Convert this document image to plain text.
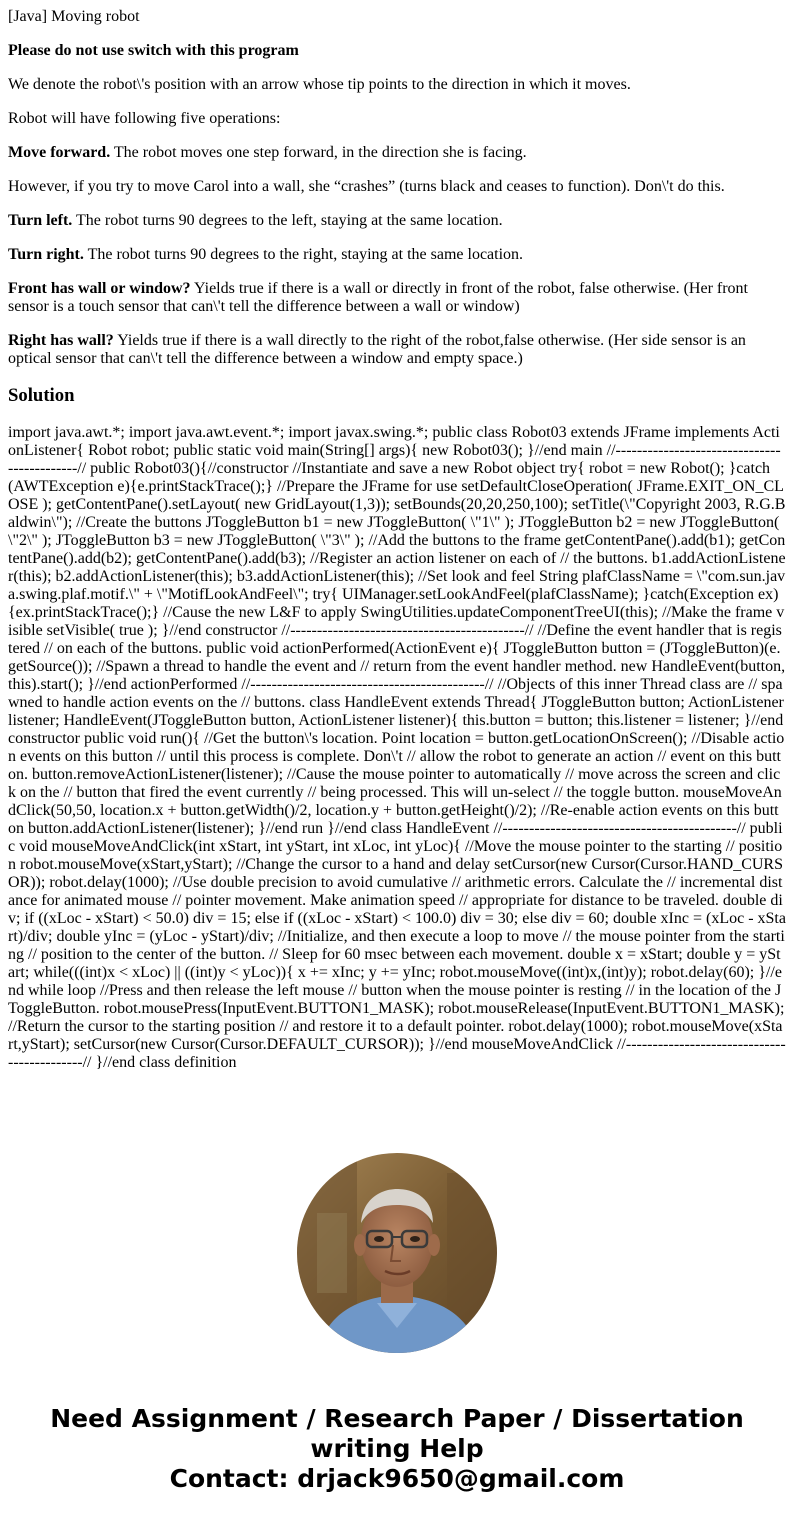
[Java] Moving robot

Please do not use switch with this program

We denote the robot\'s position with an arrow whose tip points to the direction in which it moves.

Robot will have following five operations:

Move forward. The robot moves one step forward, in the direction she is facing.

However, if you try to move Carol into a wall, she “crashes” (turns black and ceases to function). Don\'t do this.

Turn left. The robot turns 90 degrees to the left, staying at the same location.

Turn right. The robot turns 90 degrees to the right, staying at the same location.

Front has wall or window? Yields true if there is a wall or directly in front of the robot, false otherwise. (Her front sensor is a touch sensor that can\'t tell the difference between a wall or window)

Right has wall? Yields true if there is a wall directly to the right of the robot,false otherwise. (Her side sensor is an optical sensor that can\'t tell the difference between a window and empty space.)

Solution
import java.awt.*; import java.awt.event.*; import javax.swing.*; public class Robot03 extends JFrame implements ActionListener{ Robot robot; public static void main(String[] args){ new Robot03(); }//end main //--------------------------------------------// public Robot03(){//constructor //Instantiate and save a new Robot object try{ robot = new Robot(); }catch(AWTException e){e.printStackTrace();} //Prepare the JFrame for use setDefaultCloseOperation( JFrame.EXIT_ON_CLOSE ); getContentPane().setLayout( new GridLayout(1,3)); setBounds(20,20,250,100); setTitle(\"Copyright 2003, R.G.Baldwin\"); //Create the buttons JToggleButton b1 = new JToggleButton( \"1\" ); JToggleButton b2 = new JToggleButton( \"2\" ); JToggleButton b3 = new JToggleButton( \"3\" ); //Add the buttons to the frame getContentPane().add(b1); getContentPane().add(b2); getContentPane().add(b3); //Register an action listener on each of // the buttons. b1.addActionListener(this); b2.addActionListener(this); b3.addActionListener(this); //Set look and feel String plafClassName = \"com.sun.java.swing.plaf.motif.\" + \"MotifLookAndFeel\"; try{ UIManager.setLookAndFeel(plafClassName); }catch(Exception ex){ex.printStackTrace();} //Cause the new L&F to apply SwingUtilities.updateComponentTreeUI(this); //Make the frame visible setVisible( true ); }//end constructor //--------------------------------------------// //Define the event handler that is registered // on each of the buttons. public void actionPerformed(ActionEvent e){ JToggleButton button = (JToggleButton)(e.getSource()); //Spawn a thread to handle the event and // return from the event handler method. new HandleEvent(button,this).start(); }//end actionPerformed //--------------------------------------------// //Objects of this inner Thread class are // spawned to handle action events on the // buttons. class HandleEvent extends Thread{ JToggleButton button; ActionListener listener; HandleEvent(JToggleButton button, ActionListener listener){ this.button = button; this.listener = listener; }//end constructor public void run(){ //Get the button\'s location. Point location = button.getLocationOnScreen(); //Disable action events on this button // until this process is complete. Don\'t // allow the robot to generate an action // event on this button. button.removeActionListener(listener); //Cause the mouse pointer to automatically // move across the screen and click on the // button that fired the event currently // being processed. This will un-select // the toggle button. mouseMoveAndClick(50,50, location.x + button.getWidth()/2, location.y + button.getHeight()/2); //Re-enable action events on this button button.addActionListener(listener); }//end run }//end class HandleEvent //--------------------------------------------// public void mouseMoveAndClick(int xStart, int yStart, int xLoc, int yLoc){ //Move the mouse pointer to the starting // position robot.mouseMove(xStart,yStart); //Change the cursor to a hand and delay setCursor(new Cursor(Cursor.HAND_CURSOR)); robot.delay(1000); //Use double precision to avoid cumulative // arithmetic errors. Calculate the // incremental distance for animated mouse // pointer movement. Make animation speed // appropriate for distance to be traveled. double div; if ((xLoc - xStart) < 50.0) div = 15; else if ((xLoc - xStart) < 100.0) div = 30; else div = 60; double xInc = (xLoc - xStart)/div; double yInc = (yLoc - yStart)/div; //Initialize, and then execute a loop to move // the mouse pointer from the starting // position to the center of the button. // Sleep for 60 msec between each movement. double x = xStart; double y = yStart; while(((int)x < xLoc) || ((int)y < yLoc)){ x += xInc; y += yInc; robot.mouseMove((int)x,(int)y); robot.delay(60); }//end while loop //Press and then release the left mouse // button when the mouse pointer is resting // in the location of the JToggleButton. robot.mousePress(InputEvent.BUTTON1_MASK); robot.mouseRelease(InputEvent.BUTTON1_MASK); //Return the cursor to the starting position // and restore it to a default pointer. robot.delay(1000); robot.mouseMove(xStart,yStart); setCursor(new Cursor(Cursor.DEFAULT_CURSOR)); }//end mouseMoveAndClick //--------------------------------------------// }//end class definition
Need Assignment / Research Paper / Dissertation writing Help
Contact: drjack9650@gmail.com
